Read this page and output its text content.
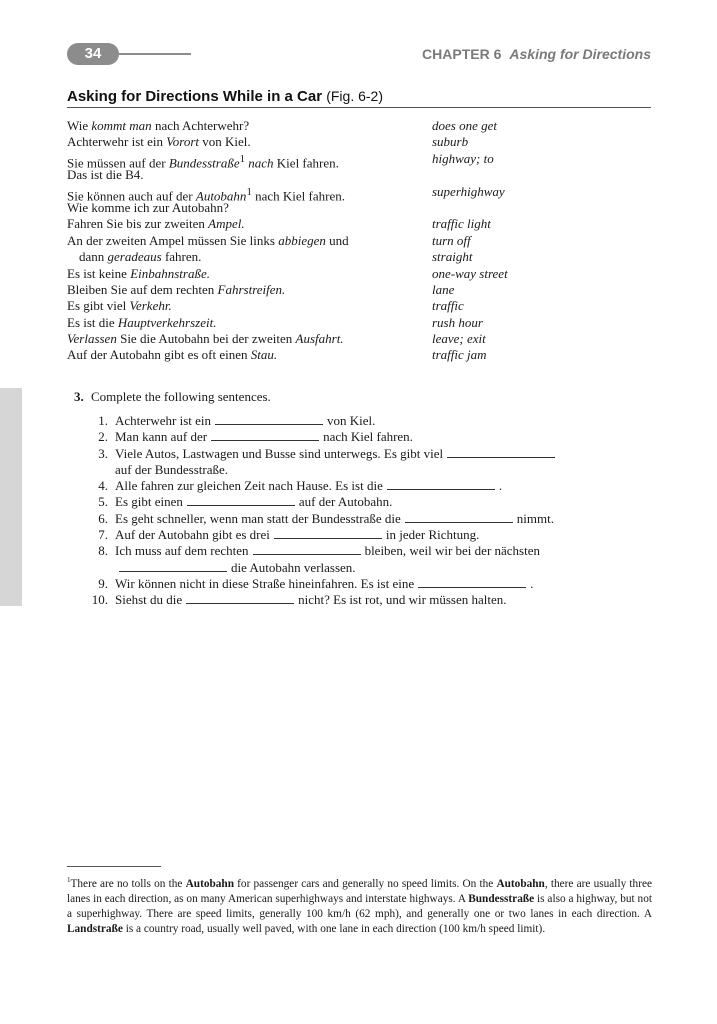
34	CHAPTER 6 Asking for Directions
Asking for Directions While in a Car (Fig. 6-2)
Wie kommt man nach Achterwehr?	does one get
Achterwehr ist ein Vorort von Kiel.	suburb
Sie müssen auf der Bundesstraße$^1$ nach Kiel fahren.	highway; to
Das ist die B4.
Sie können auch auf der Autobahn$^1$ nach Kiel fahren.	superhighway
Wie komme ich zur Autobahn?
Fahren Sie bis zur zweiten Ampel.	traffic light
An der zweiten Ampel müssen Sie links abbiegen und	turn off
dann geradeaus fahren.	straight
Es ist keine Einbahnstraße.	one-way street
Bleiben Sie auf dem rechten Fahrstreifen.	lane
Es gibt viel Verkehr.	traffic
Es ist die Hauptverkehrszeit.	rush hour
Verlassen Sie die Autobahn bei der zweiten Ausfahrt.	leave; exit
Auf der Autobahn gibt es oft einen Stau.	traffic jam
3. Complete the following sentences.
1. Achterwehr ist ein	von Kiel.
2. Man kann auf der	nach Kiel fahren.
3. Viele Autos, Lastwagen und Busse sind unterwegs. Es gibt viel
auf der Bundesstraße.
4. Alle fahren zur gleichen Zeit nach Hause. Es ist die	.
5. Es gibt einen	auf der Autobahn.
6. Es geht schneller, wenn man statt der Bundesstraße die	nimmt.
7. Auf der Autobahn gibt es drei	in jeder Richtung.
8. Ich muss auf dem rechten	bleiben, weil wir bei der nächsten
die Autobahn verlassen.
9. Wir können nicht in diese Straße hineinfahren. Es ist eine	.
10. Siehst du die	nicht? Es ist rot, und wir müssen halten.
$^1$There are no tolls on the Autobahn for passenger cars and generally no speed limits. On the Autobahn, there are usually three lanes in each direction, as on many American superhighways and interstate highways. A Bundesstraße is also a highway, but not a superhighway. There are speed limits, generally 100 km/h (62 mph), and generally one or two lanes in each direction. A Landstraße is a country road, usually well paved, with one lane in each direction (100 km/h speed limit).
